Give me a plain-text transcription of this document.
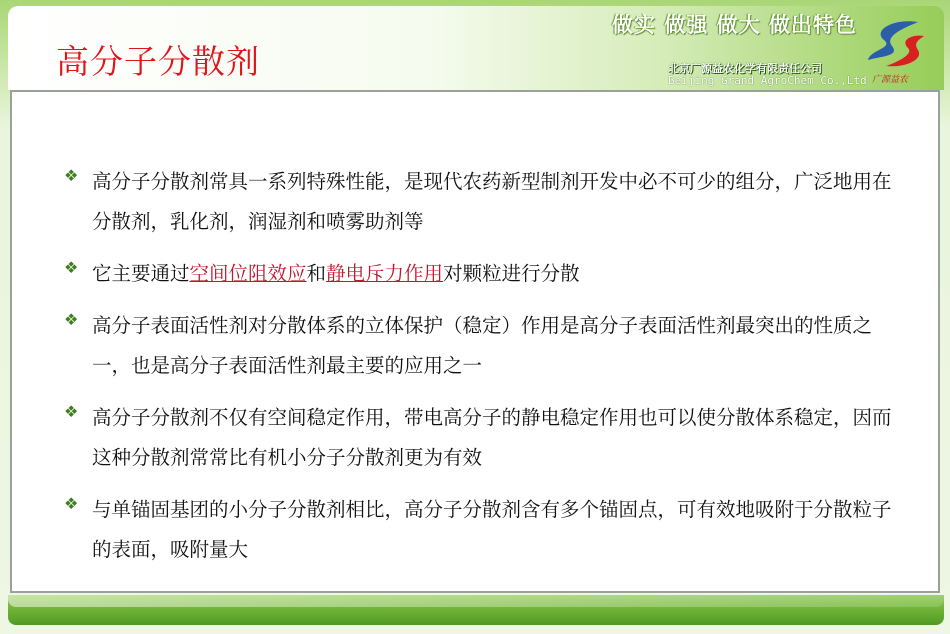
高分子分散剂
做实 做强 做大 做出特色
北京广源益农化学有限责任公司
Beijing Grand AgroChem Co.,Ltd 广源益农
❖ 高分子分散剂常具一系列特殊性能，是现代农药新型制剂开发中必不可少的组分，广泛地用在分散剂，乳化剂，润湿剂和喷雾助剂等
❖ 它主要通过空间位阻效应和静电斥力作用对颗粒进行分散
❖ 高分子表面活性剂对分散体系的立体保护（稳定）作用是高分子表面活性剂最突出的性质之一，也是高分子表面活性剂最主要的应用之一
❖ 高分子分散剂不仅有空间稳定作用，带电高分子的静电稳定作用也可以使分散体系稳定，因而这种分散剂常常比有机小分子分散剂更为有效
❖ 与单锚固基团的小分子分散剂相比，高分子分散剂含有多个锚固点，可有效地吸附于分散粒子的表面，吸附量大
